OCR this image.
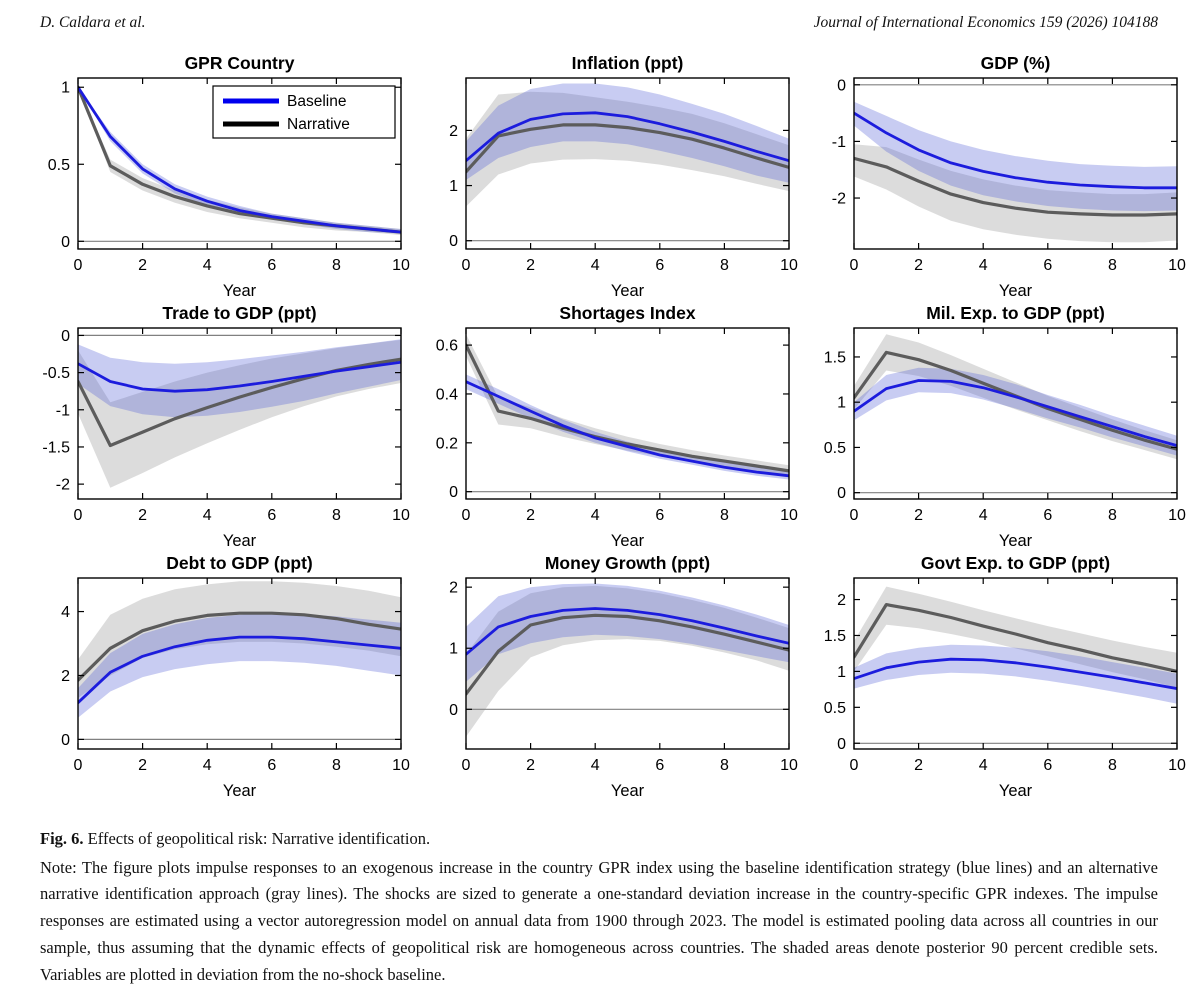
D. Caldara et al.	Journal of International Economics 159 (2026) 104188
0	2	4	6	8	10
0
0.5
1
GPR Country
Year
Baseline
Narrative
0	2	4	6	8	10
0
1
2
Inflation (ppt)
Year
0	2	4	6	8	10
-2
-1
0
GDP (%)
Year
0	2	4	6	8	10
-2
-1.5
-1
-0.5
0
Trade to GDP (ppt)
Year
0	2	4	6	8	10
0
0.2
0.4
0.6
Shortages Index
Year
0	2	4	6	8	10
0
0.5
1
1.5
Mil. Exp. to GDP (ppt)
Year
0	2	4	6	8	10
0
2
4
Debt to GDP (ppt)
Year
0	2	4	6	8	10
0
1
2
Money Growth (ppt)
Year
0	2	4	6	8	10
0
0.5
1
1.5
2
Govt Exp. to GDP (ppt)
Year

Fig. 6. Effects of geopolitical risk: Narrative identification.

Note: The figure plots impulse responses to an exogenous increase in the country GPR index using the baseline identification strategy (blue lines) and an alternative narrative identification approach (gray lines). The shocks are sized to generate a one-standard deviation increase in the country-specific GPR indexes. The impulse responses are estimated using a vector autoregression model on annual data from 1900 through 2023. The model is estimated pooling data across all countries in our sample, thus assuming that the dynamic effects of geopolitical risk are homogeneous across countries. The shaded areas denote posterior 90 percent credible sets. Variables are plotted in deviation from the no-shock baseline.
